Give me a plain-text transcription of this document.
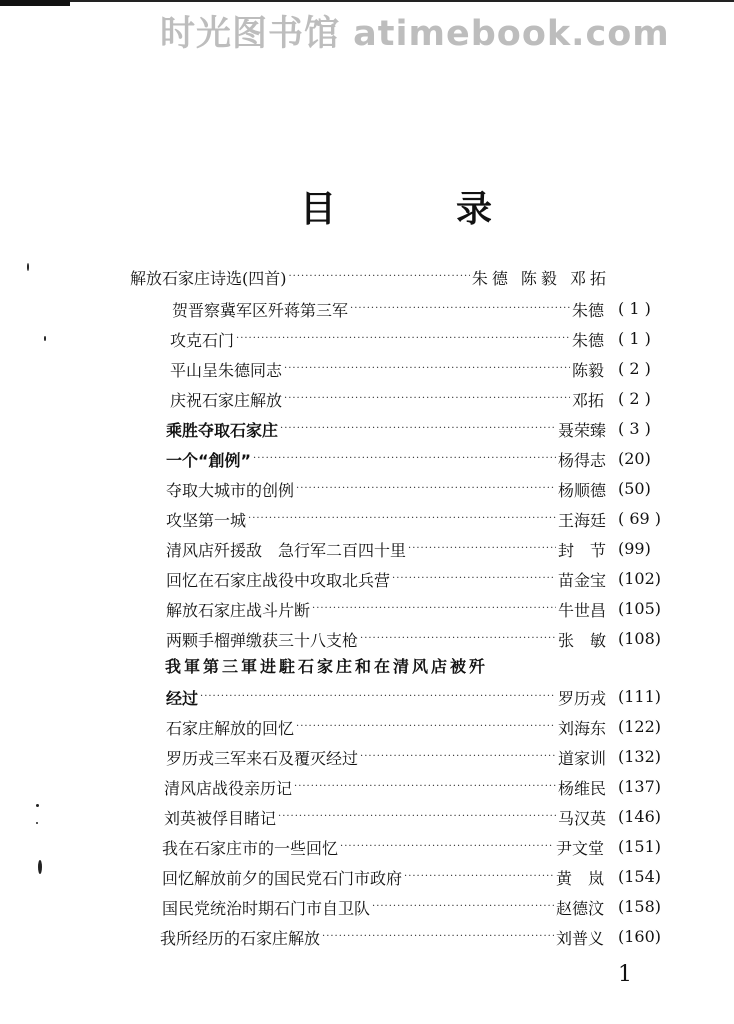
时光图书馆 atimebook.com
目录
解放石家庄诗选(四首) ·····	朱德 陈毅 邓拓
贺晋察冀军区歼蒋第三军 ·····	朱德 ( 1 )
攻克石门 ·····	朱德 ( 1 )
平山呈朱德同志 ·····	陈毅 ( 2 )
庆祝石家庄解放 ·····	邓拓 ( 2 )
乘胜夺取石家庄 ·····	聂荣臻 ( 3 )
一个“創例” ·····	杨得志 (20)
夺取大城市的创例 ·····	杨顺德 (50)
攻坚第一城 ·····	王海廷 ( 69 )
清风店歼援敌　急行军二百四十里 ·····	封　节 (99)
回忆在石家庄战役中攻取北兵营 ·····	苗金宝 (102)
解放石家庄战斗片断 ·····	牛世昌 (105)
两颗手榴弹缴获三十八支枪 ·····	张　敏 (108)
我軍第三軍进駐石家庄和在清风店被歼
经过 ·····	罗历戎 (111)
石家庄解放的回忆 ·····	刘海东 (122)
罗历戎三军来石及覆灭经过 ·····	道家训 (132)
清风店战役亲历记 ·····	杨维民 (137)
刘英被俘目睹记 ·····	马汉英 (146)
我在石家庄市的一些回忆 ·····	尹文堂 (151)
回忆解放前夕的国民党石门市政府 ·····	黄　岚 (154)
国民党统治时期石门市自卫队 ·····	赵德汶 (158)
我所经历的石家庄解放 ·····	刘普义 (160)
1
